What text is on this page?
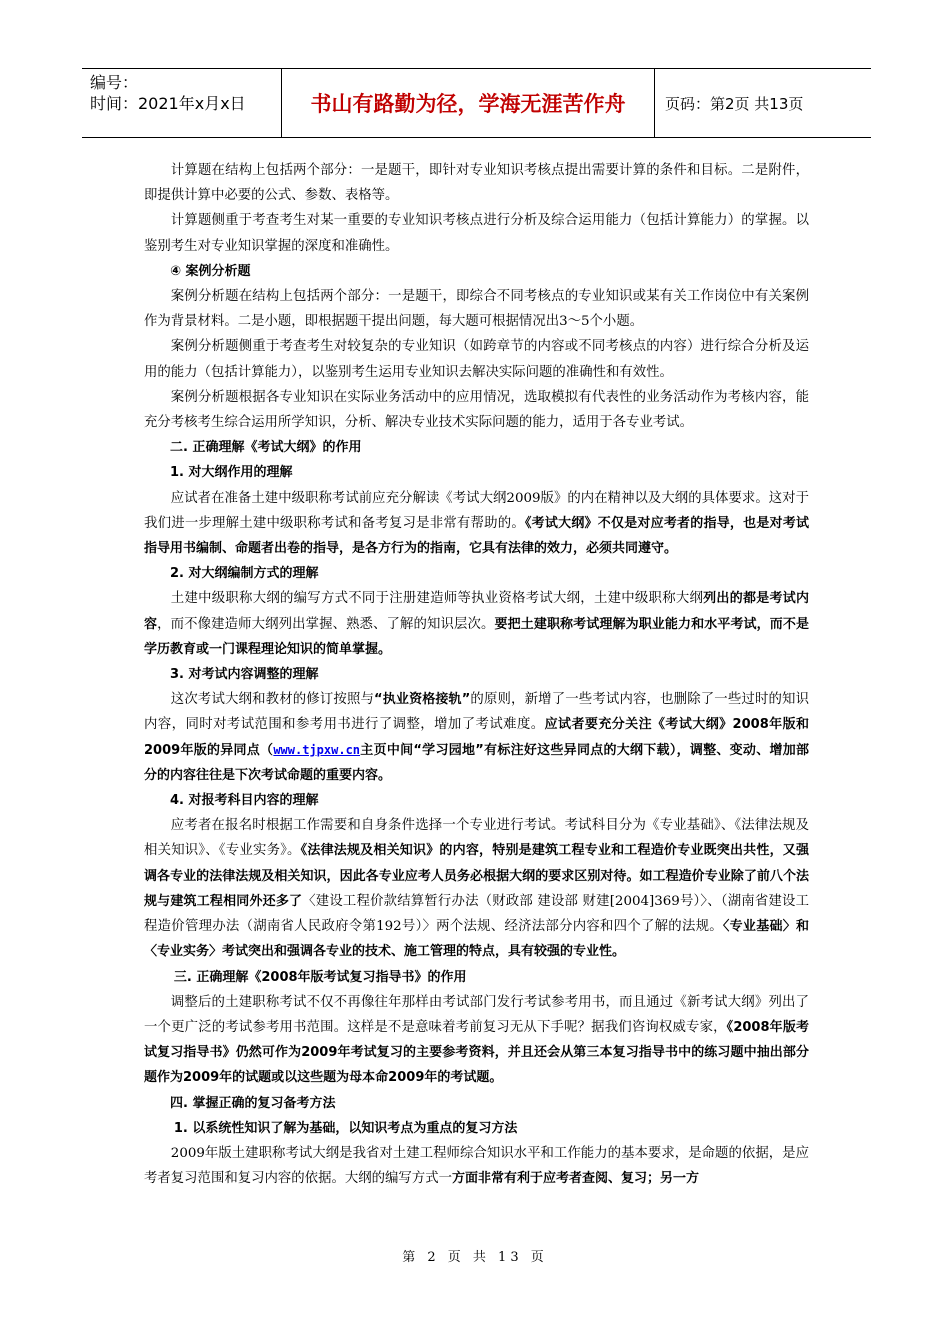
编号：
时间：2021年x月x日	书山有路勤为径，学海无涯苦作舟	页码：第2页 共13页

计算题在结构上包括两个部分：一是题干，即针对专业知识考核点提出需要计算的条件和目标。二是附件，即提供计算中必要的公式、参数、表格等。

计算题侧重于考查考生对某一重要的专业知识考核点进行分析及综合运用能力（包括计算能力）的掌握。以鉴别考生对专业知识掌握的深度和准确性。

④ 案例分析题

案例分析题在结构上包括两个部分：一是题干，即综合不同考核点的专业知识或某有关工作岗位中有关案例作为背景材料。二是小题，即根据题干提出问题，每大题可根据情况出3～5个小题。

案例分析题侧重于考查考生对较复杂的专业知识（如跨章节的内容或不同考核点的内容）进行综合分析及运用的能力（包括计算能力），以鉴别考生运用专业知识去解决实际问题的准确性和有效性。

案例分析题根据各专业知识在实际业务活动中的应用情况，选取模拟有代表性的业务活动作为考核内容，能充分考核考生综合运用所学知识，分析、解决专业技术实际问题的能力，适用于各专业考试。

二. 正确理解《考试大纲》的作用
1. 对大纲作用的理解

应试者在准备土建中级职称考试前应充分解读《考试大纲2009版》的内在精神以及大纲的具体要求。这对于我们进一步理解土建中级职称考试和备考复习是非常有帮助的。《考试大纲》不仅是对应考者的指导，也是对考试指导用书编制、命题者出卷的指导，是各方行为的指南，它具有法律的效力，必须共同遵守。

2. 对大纲编制方式的理解

土建中级职称大纲的编写方式不同于注册建造师等执业资格考试大纲，土建中级职称大纲列出的都是考试内容，而不像建造师大纲列出掌握、熟悉、了解的知识层次。要把土建职称考试理解为职业能力和水平考试，而不是学历教育或一门课程理论知识的简单掌握。

3. 对考试内容调整的理解

这次考试大纲和教材的修订按照与“执业资格接轨”的原则，新增了一些考试内容，也删除了一些过时的知识内容，同时对考试范围和参考用书进行了调整，增加了考试难度。应试者要充分关注《考试大纲》2008年版和2009年版的异同点（www.tjpxw.cn主页中间“学习园地”有标注好这些异同点的大纲下载），调整、变动、增加部分的内容往往是下次考试命题的重要内容。

4. 对报考科目内容的理解

应考者在报名时根据工作需要和自身条件选择一个专业进行考试。考试科目分为《专业基础》、《法律法规及相关知识》、《专业实务》。《法律法规及相关知识》的内容，特别是建筑工程专业和工程造价专业既突出共性，又强调各专业的法律法规及相关知识，因此各专业应考人员务必根据大纲的要求区别对待。如工程造价专业除了前八个法规与建筑工程相同外还多了〈建设工程价款结算暂行办法（财政部 建设部 财建[2004]369号）〉、（湖南省建设工程造价管理办法（湖南省人民政府令第192号）〉两个法规、经济法部分内容和四个了解的法规。〈专业基础〉和〈专业实务〉考试突出和强调各专业的技术、施工管理的特点，具有较强的专业性。

三. 正确理解《2008年版考试复习指导书》的作用

调整后的土建职称考试不仅不再像往年那样由考试部门发行考试参考用书，而且通过《新考试大纲》列出了一个更广泛的考试参考用书范围。这样是不是意味着考前复习无从下手呢？据我们咨询权威专家，《2008年版考试复习指导书》仍然可作为2009年考试复习的主要参考资料，并且还会从第三本复习指导书中的练习题中抽出部分题作为2009年的试题或以这些题为母本命2009年的考试题。

四. 掌握正确的复习备考方法
1. 以系统性知识了解为基础，以知识考点为重点的复习方法

2009年版土建职称考试大纲是我省对土建工程师综合知识水平和工作能力的基本要求，是命题的依据，是应考者复习范围和复习内容的依据。大纲的编写方式一方面非常有利于应考者查阅、复习；另一方

第 2 页 共 13 页
